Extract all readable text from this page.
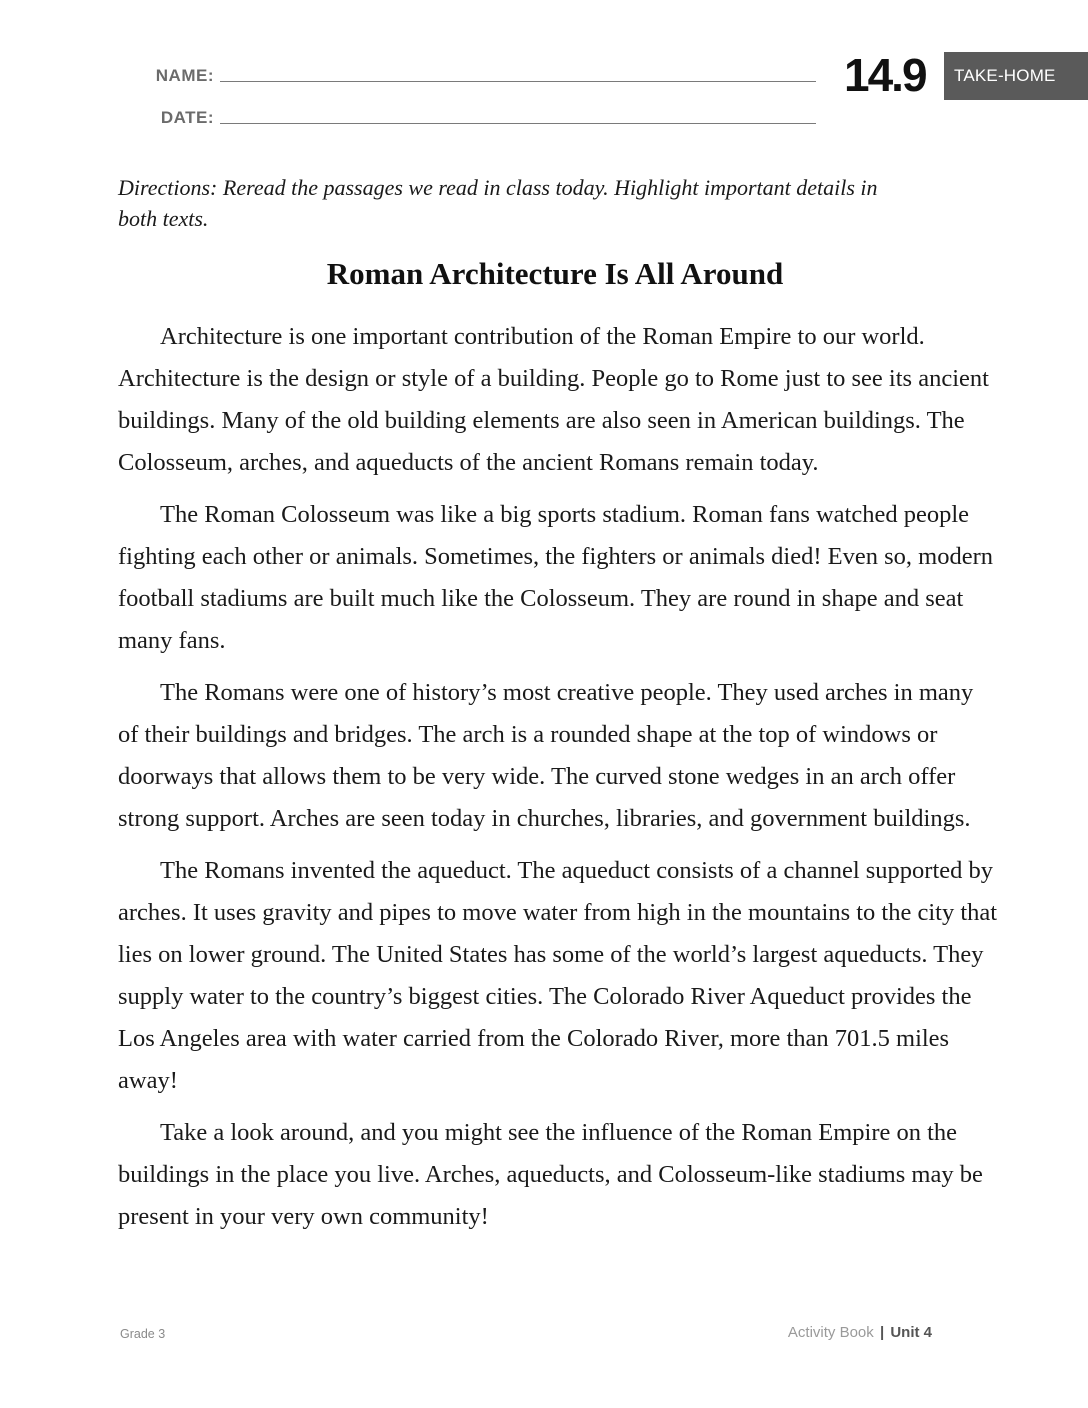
NAME:
DATE:
14.9	TAKE-HOME
Directions: Reread the passages we read in class today. Highlight important details in both texts.
Roman Architecture Is All Around

Architecture is one important contribution of the Roman Empire to our world. Architecture is the design or style of a building. People go to Rome just to see its ancient buildings. Many of the old building elements are also seen in American buildings. The Colosseum, arches, and aqueducts of the ancient Romans remain today.

The Roman Colosseum was like a big sports stadium. Roman fans watched people fighting each other or animals. Sometimes, the fighters or animals died! Even so, modern football stadiums are built much like the Colosseum. They are round in shape and seat many fans.

The Romans were one of history’s most creative people. They used arches in many of their buildings and bridges. The arch is a rounded shape at the top of windows or doorways that allows them to be very wide. The curved stone wedges in an arch offer strong support. Arches are seen today in churches, libraries, and government buildings.

The Romans invented the aqueduct. The aqueduct consists of a channel supported by arches. It uses gravity and pipes to move water from high in the mountains to the city that lies on lower ground. The United States has some of the world’s largest aqueducts. They supply water to the country’s biggest cities. The Colorado River Aqueduct provides the Los Angeles area with water carried from the Colorado River, more than 701.5 miles away!

Take a look around, and you might see the influence of the Roman Empire on the buildings in the place you live. Arches, aqueducts, and Colosseum-like stadiums may be present in your very own community!

Grade 3	Activity Book | Unit 4
